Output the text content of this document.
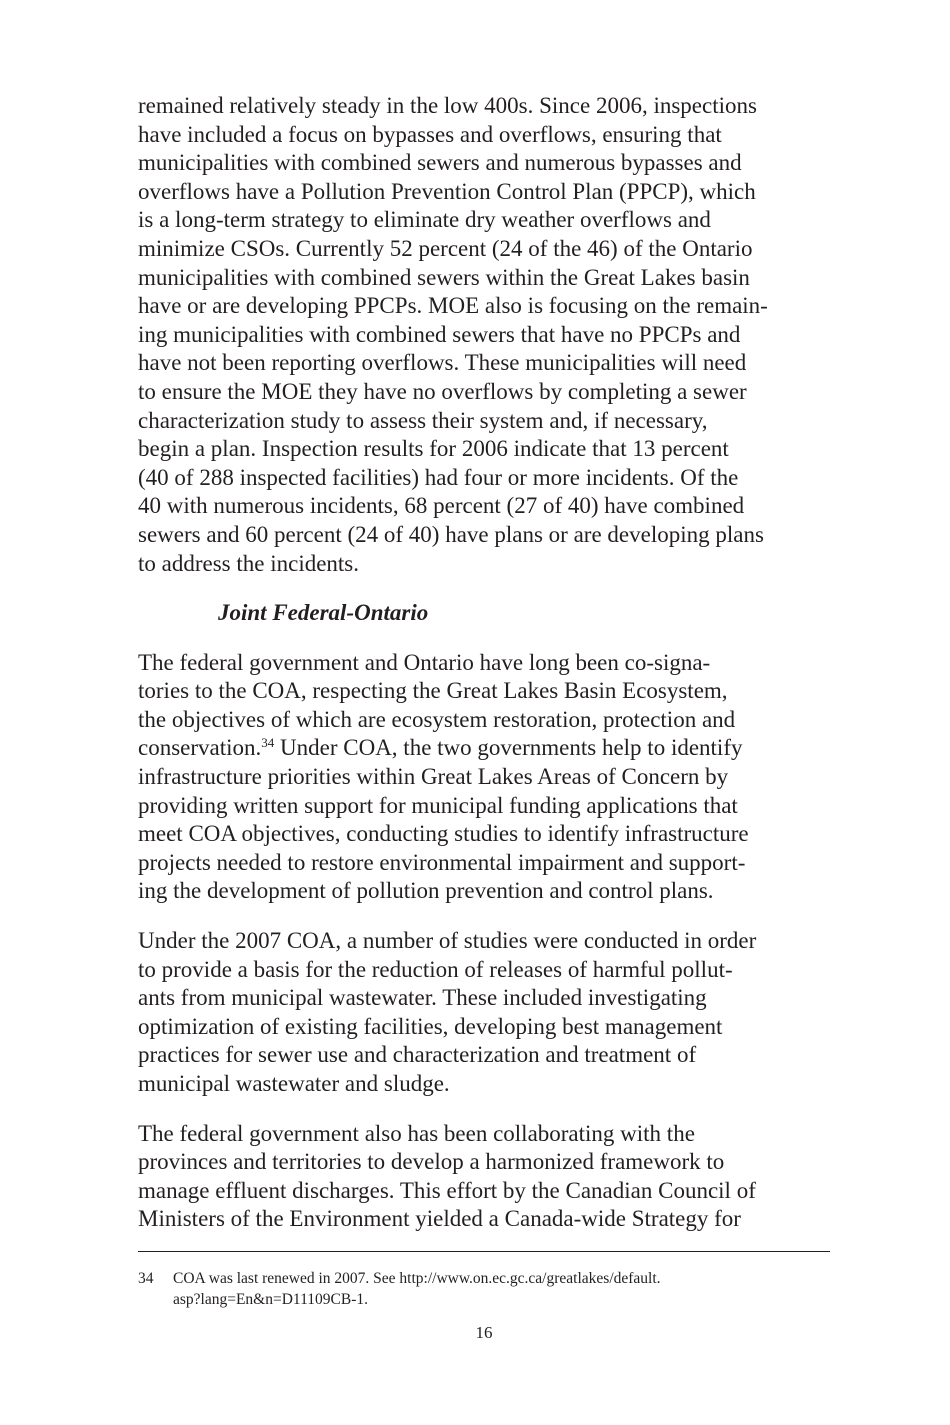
remained relatively steady in the low 400s. Since 2006, inspections
have included a focus on bypasses and overflows, ensuring that
municipalities with combined sewers and numerous bypasses and
overflows have a Pollution Prevention Control Plan (PPCP), which
is a long-term strategy to eliminate dry weather overflows and
minimize CSOs. Currently 52 percent (24 of the 46) of the Ontario
municipalities with combined sewers within the Great Lakes basin
have or are developing PPCPs. MOE also is focusing on the remain-
ing municipalities with combined sewers that have no PPCPs and
have not been reporting overflows. These municipalities will need
to ensure the MOE they have no overflows by completing a sewer
characterization study to assess their system and, if necessary,
begin a plan. Inspection results for 2006 indicate that 13 percent
(40 of 288 inspected facilities) had four or more incidents. Of the
40 with numerous incidents, 68 percent (27 of 40) have combined
sewers and 60 percent (24 of 40) have plans or are developing plans
to address the incidents.

Joint Federal-Ontario

The federal government and Ontario have long been co-signa-
tories to the COA, respecting the Great Lakes Basin Ecosystem,
the objectives of which are ecosystem restoration, protection and
conservation.$^{34}$ Under COA, the two governments help to identify
infrastructure priorities within Great Lakes Areas of Concern by
providing written support for municipal funding applications that
meet COA objectives, conducting studies to identify infrastructure
projects needed to restore environmental impairment and support-
ing the development of pollution prevention and control plans.

Under the 2007 COA, a number of studies were conducted in order
to provide a basis for the reduction of releases of harmful pollut-
ants from municipal wastewater. These included investigating
optimization of existing facilities, developing best management
practices for sewer use and characterization and treatment of
municipal wastewater and sludge.

The federal government also has been collaborating with the
provinces and territories to develop a harmonized framework to
manage effluent discharges. This effort by the Canadian Council of
Ministers of the Environment yielded a Canada-wide Strategy for

34 COA was last renewed in 2007. See http://www.on.ec.gc.ca/greatlakes/default.
asp?lang=En&n=D11109CB-1.
16
